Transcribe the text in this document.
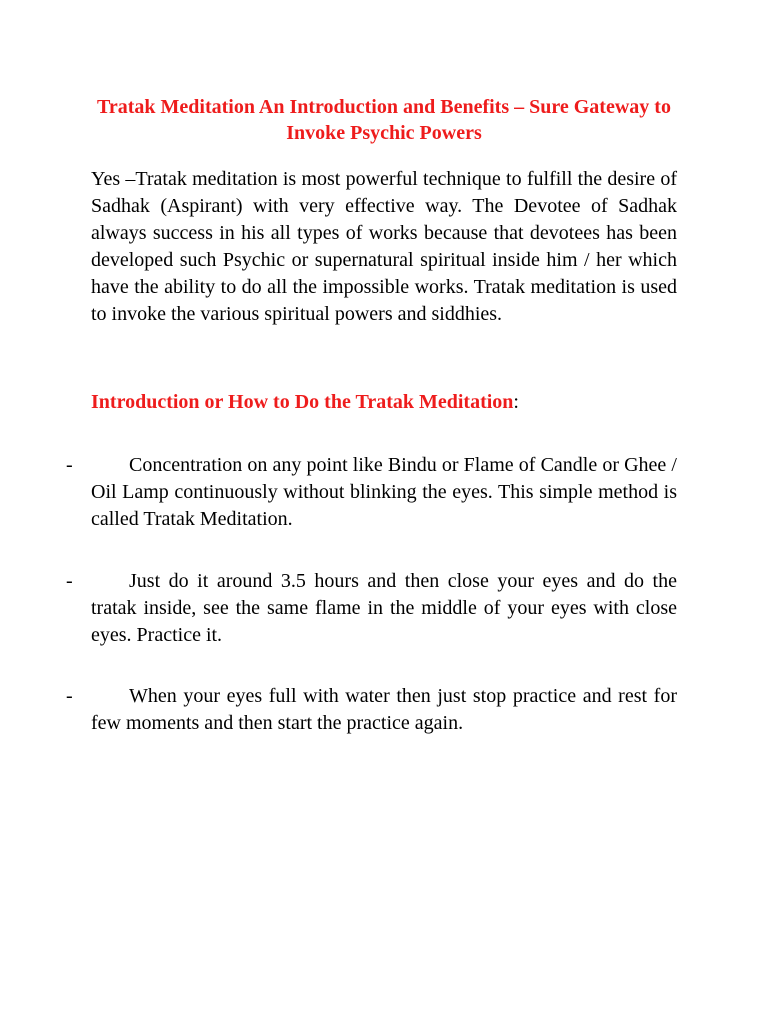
Tratak Meditation An Introduction and Benefits – Sure Gateway to Invoke Psychic Powers
Yes –Tratak meditation is most powerful technique to fulfill the desire of Sadhak (Aspirant) with very effective way. The Devotee of Sadhak always success in his all types of works because that devotees has been developed such Psychic or supernatural spiritual inside him / her which have the ability to do all the impossible works. Tratak meditation is used to invoke the various spiritual powers and siddhies.
Introduction or How to Do the Tratak Meditation:
-	Concentration on any point like Bindu or Flame of Candle or Ghee / Oil Lamp continuously without blinking the eyes. This simple method is called Tratak Meditation.
-	Just do it around 3.5 hours and then close your eyes and do the tratak inside, see the same flame in the middle of your eyes with close eyes. Practice it.
-	When your eyes full with water then just stop practice and rest for few moments and then start the practice again.
